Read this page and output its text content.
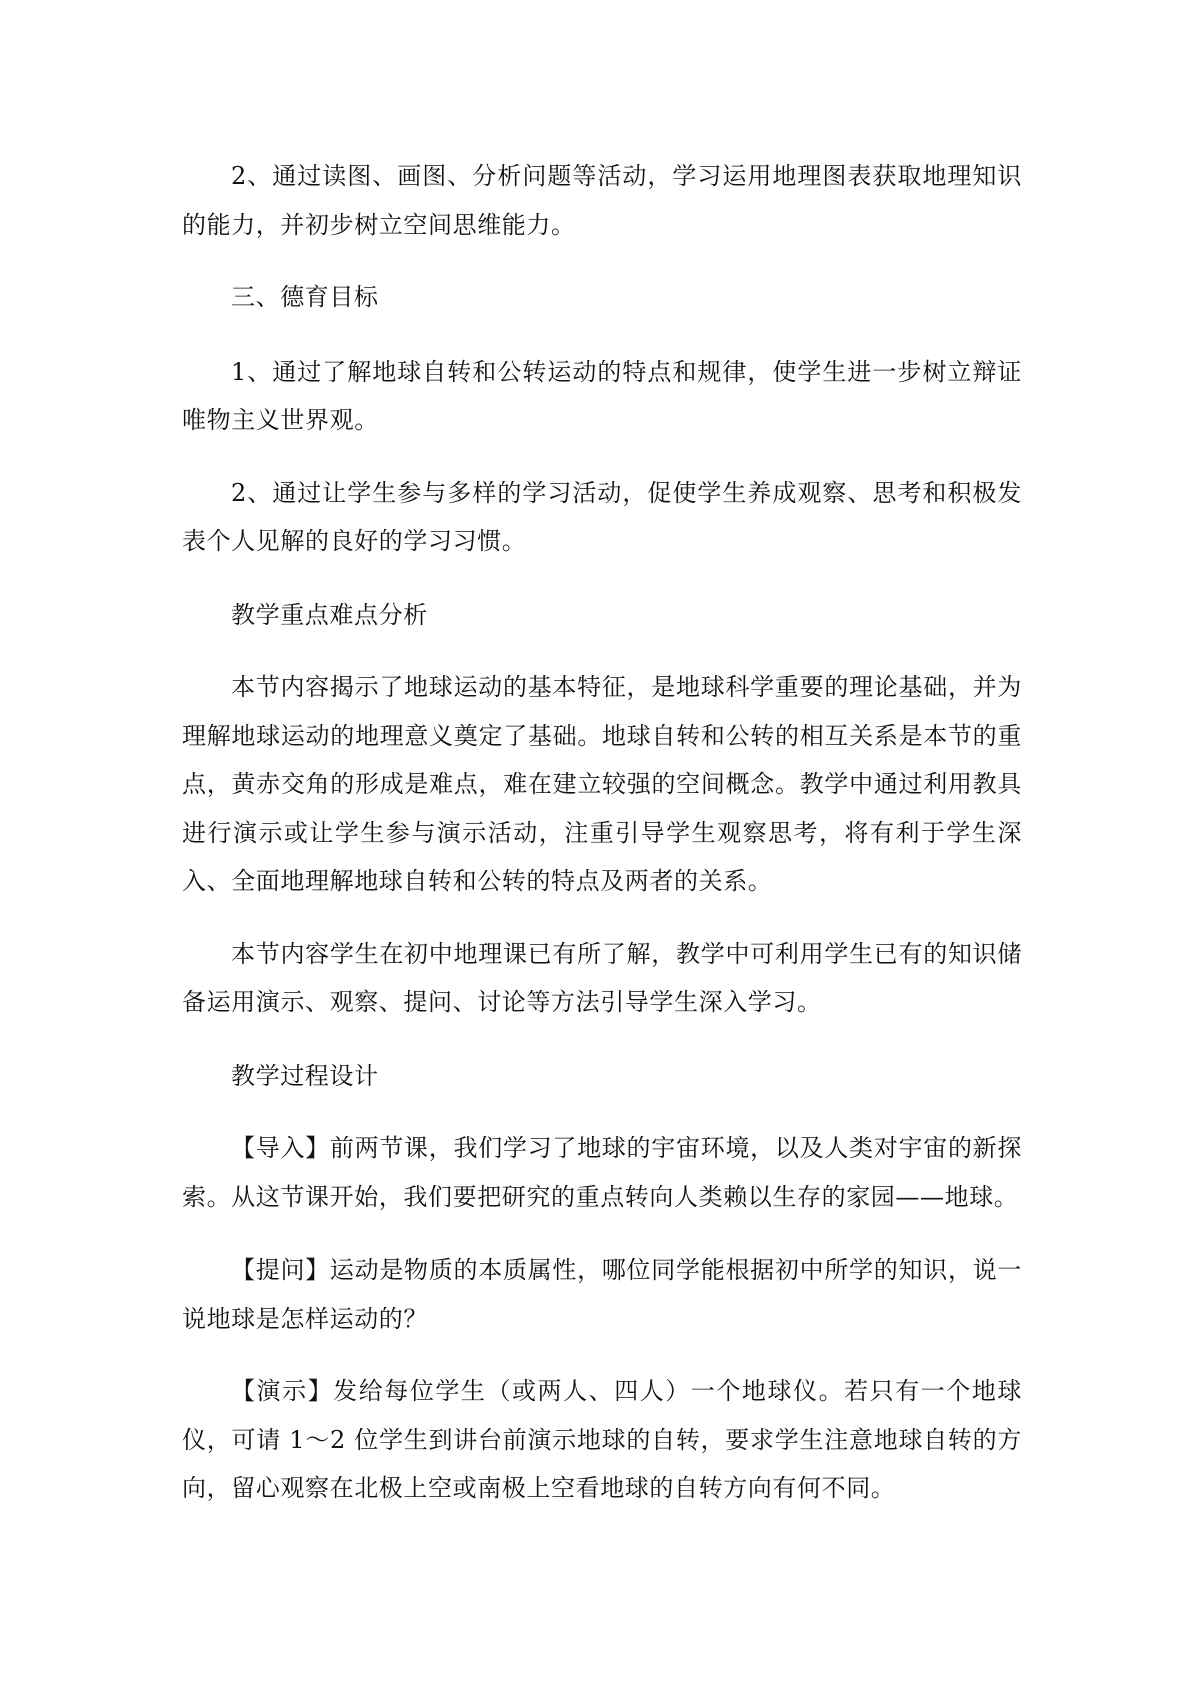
2、通过读图、画图、分析问题等活动，学习运用地理图表获取地理知识的能力，并初步树立空间思维能力。

三、德育目标

1、通过了解地球自转和公转运动的特点和规律，使学生进一步树立辩证唯物主义世界观。

2、通过让学生参与多样的学习活动，促使学生养成观察、思考和积极发表个人见解的良好的学习习惯。

教学重点难点分析

本节内容揭示了地球运动的基本特征，是地球科学重要的理论基础，并为理解地球运动的地理意义奠定了基础。地球自转和公转的相互关系是本节的重点，黄赤交角的形成是难点，难在建立较强的空间概念。教学中通过利用教具进行演示或让学生参与演示活动，注重引导学生观察思考，将有利于学生深入、全面地理解地球自转和公转的特点及两者的关系。

本节内容学生在初中地理课已有所了解，教学中可利用学生已有的知识储备运用演示、观察、提问、讨论等方法引导学生深入学习。

教学过程设计

【导入】前两节课，我们学习了地球的宇宙环境，以及人类对宇宙的新探索。从这节课开始，我们要把研究的重点转向人类赖以生存的家园——地球。

【提问】运动是物质的本质属性，哪位同学能根据初中所学的知识，说一说地球是怎样运动的？

【演示】发给每位学生（或两人、四人）一个地球仪。若只有一个地球仪，可请 1～2 位学生到讲台前演示地球的自转，要求学生注意地球自转的方向，留心观察在北极上空或南极上空看地球的自转方向有何不同。
